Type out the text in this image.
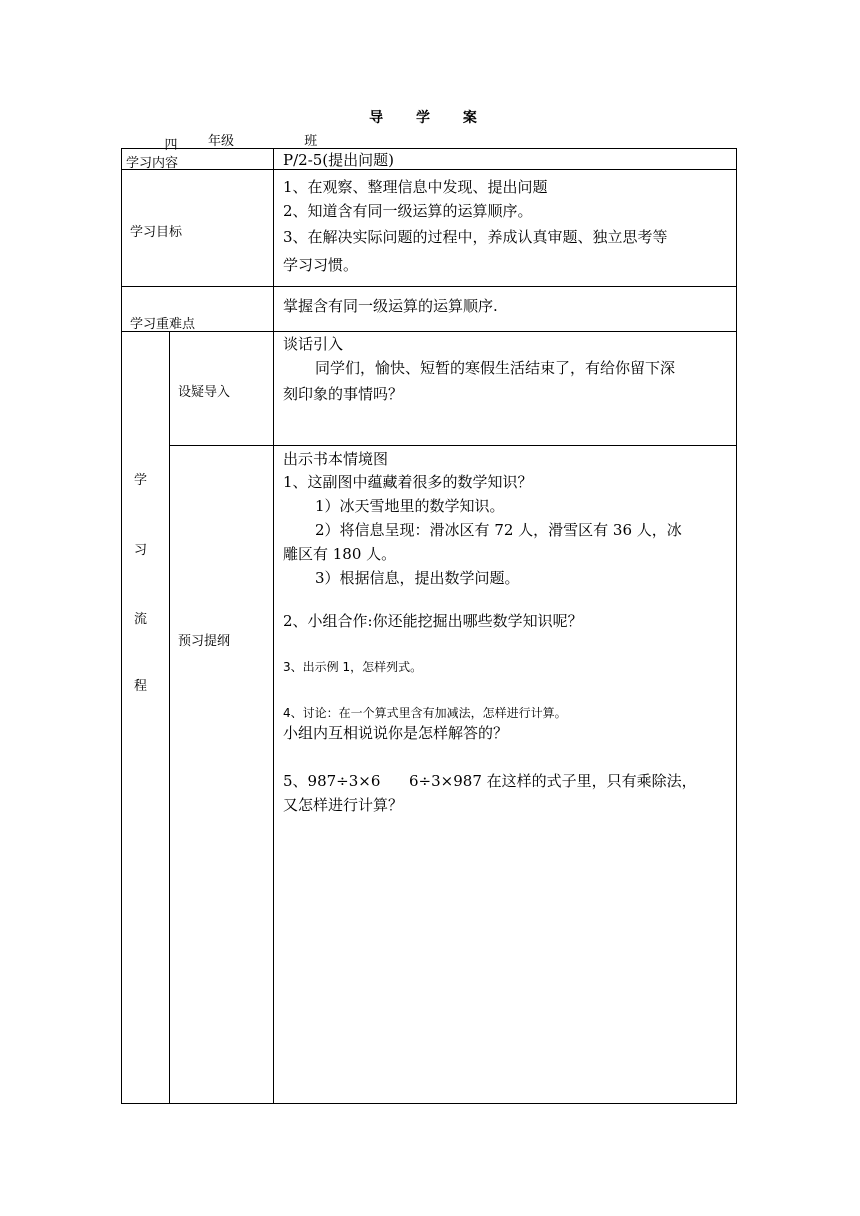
导 学 案
四 年级	班
学习内容	P/2-5(提出问题)
学习目标
1、在观察、整理信息中发现、提出问题
2、知道含有同一级运算的运算顺序。
3、在解决实际问题的过程中，养成认真审题、独立思考等
学习习惯。
学习重难点
掌握含有同一级运算的运算顺序.
学
习
流
程
设疑导入
谈话引入
同学们，愉快、短暂的寒假生活结束了，有给你留下深
刻印象的事情吗？
预习提纲
出示书本情境图
1、这副图中蕴藏着很多的数学知识？
1）冰天雪地里的数学知识。
2）将信息呈现：滑冰区有 72 人，滑雪区有 36 人，冰
雕区有 180 人。
3）根据信息，提出数学问题。
2、小组合作:你还能挖掘出哪些数学知识呢？
3、出示例 1，怎样列式。
4、讨论：在一个算式里含有加减法，怎样进行计算。
小组内互相说说你是怎样解答的？
5、987÷3×6      6÷3×987 在这样的式子里，只有乘除法，
又怎样进行计算？
